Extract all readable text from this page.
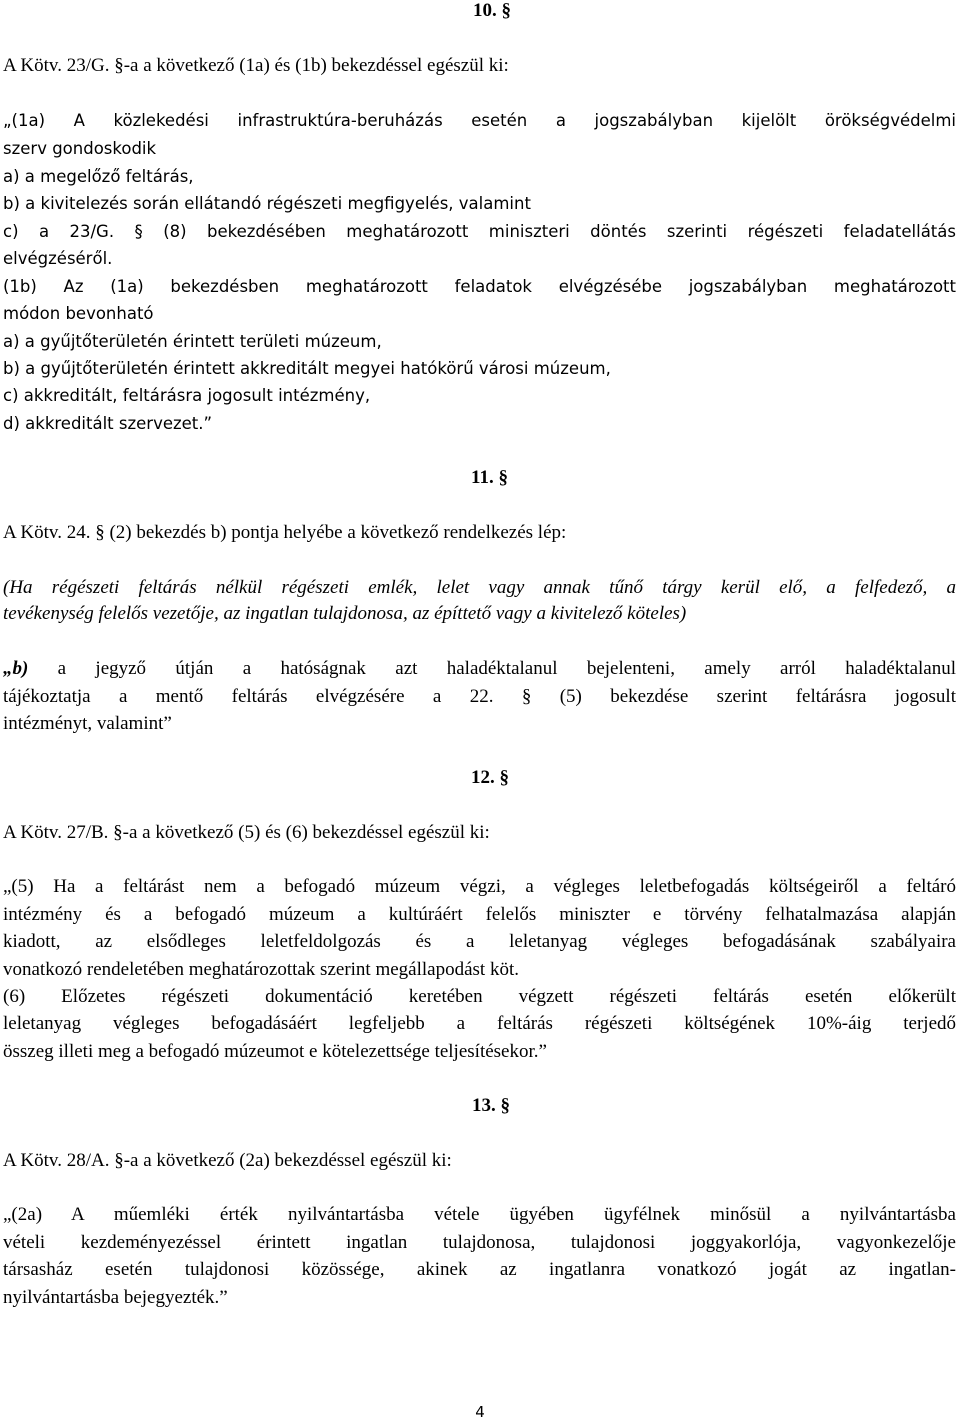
10. §
A Kötv. 23/G. §-a a következő (1a) és (1b) bekezdéssel egészül ki:
„(1a) A közlekedési infrastruktúra-beruházás esetén a jogszabályban kijelölt örökségvédelmi
szerv gondoskodik
a) a megelőző feltárás,
b) a kivitelezés során ellátandó régészeti megfigyelés, valamint
c) a 23/G. § (8) bekezdésében meghatározott miniszteri döntés szerinti régészeti feladatellátás
elvégzéséről.
(1b) Az (1a) bekezdésben meghatározott feladatok elvégzésébe jogszabályban meghatározott
módon bevonható
a) a gyűjtőterületén érintett területi múzeum,
b) a gyűjtőterületén érintett akkreditált megyei hatókörű városi múzeum,
c) akkreditált, feltárásra jogosult intézmény,
d) akkreditált szervezet.”
11. §
A Kötv. 24. § (2) bekezdés b) pontja helyébe a következő rendelkezés lép:
(Ha régészeti feltárás nélkül régészeti emlék, lelet vagy annak tűnő tárgy kerül elő, a felfedező, a
tevékenység felelős vezetője, az ingatlan tulajdonosa, az építtető vagy a kivitelező köteles)
„b) a jegyző útján a hatóságnak azt haladéktalanul bejelenteni, amely arról haladéktalanul
tájékoztatja a mentő feltárás elvégzésére a 22. § (5) bekezdése szerint feltárásra jogosult
intézményt, valamint”
12. §
A Kötv. 27/B. §-a a következő (5) és (6) bekezdéssel egészül ki:
„(5) Ha a feltárást nem a befogadó múzeum végzi, a végleges leletbefogadás költségeiről a feltáró
intézmény és a befogadó múzeum a kultúráért felelős miniszter e törvény felhatalmazása alapján
kiadott, az elsődleges leletfeldolgozás és a leletanyag végleges befogadásának szabályaira
vonatkozó rendeletében meghatározottak szerint megállapodást köt.
(6) Előzetes régészeti dokumentáció keretében végzett régészeti feltárás esetén előkerült
leletanyag végleges befogadásáért legfeljebb a feltárás régészeti költségének 10%-áig terjedő
összeg illeti meg a befogadó múzeumot e kötelezettsége teljesítésekor.”
13. §
A Kötv. 28/A. §-a a következő (2a) bekezdéssel egészül ki:
„(2a) A műemléki érték nyilvántartásba vétele ügyében ügyfélnek minősül a nyilvántartásba
vételi kezdeményezéssel érintett ingatlan tulajdonosa, tulajdonosi joggyakorlója, vagyonkezelője
társasház esetén tulajdonosi közössége, akinek az ingatlanra vonatkozó jogát az ingatlan-
nyilvántartásba bejegyezték.”
4
